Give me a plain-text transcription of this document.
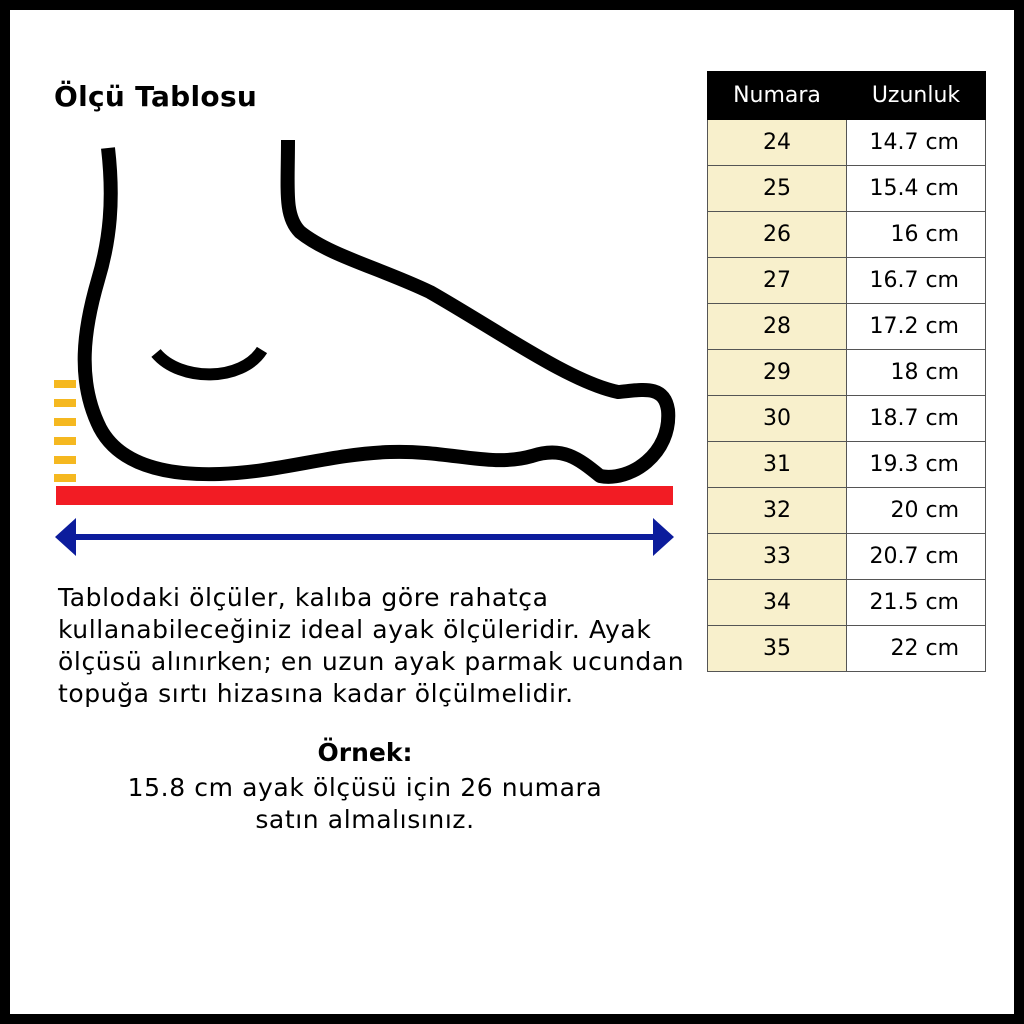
Ölçü Tablosu
Tablodaki ölçüler, kalıba göre rahatça
kullanabileceğiniz ideal ayak ölçüleridir. Ayak
ölçüsü alınırken; en uzun ayak parmak ucundan
topuğa sırtı hizasına kadar ölçülmelidir.
Örnek:
15.8 cm ayak ölçüsü için 26 numara
satın almalısınız.
Numara	Uzunluk
24	14.7 cm
25	15.4 cm
26	16 cm
27	16.7 cm
28	17.2 cm
29	18 cm
30	18.7 cm
31	19.3 cm
32	20 cm
33	20.7 cm
34	21.5 cm
35	22 cm
